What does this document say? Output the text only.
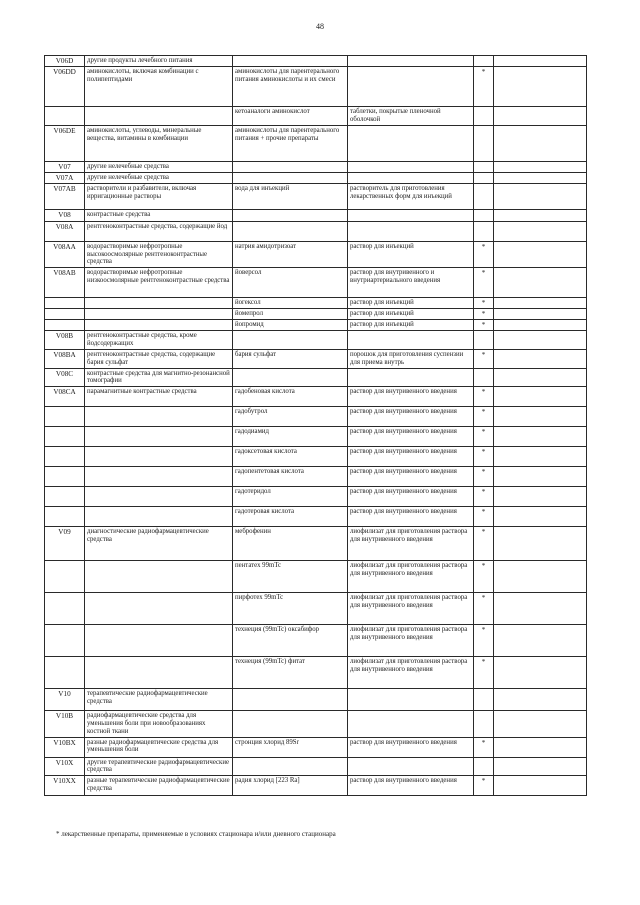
48
V06D	другие продукты лечебного питания				
V06DD	аминокислоты, включая комбинации с полипептидами	аминокислоты для парентерального питания аминокислоты и их смеси		*	
		кетоаналоги аминокислот	таблетки, покрытые пленочной оболочкой		
V06DE	аминокислоты, углеводы, минеральные вещества, витамины в комбинации	аминокислоты для парентерального питания + прочие препараты			
V07	другие нелечебные средства				
V07A	другие нелечебные средства				
V07AB	растворители и разбавители, включая ирригационные растворы	вода для инъекций	растворитель для приготовления лекарственных форм для инъекций		
V08	контрастные средства				
V08A	рентгеноконтрастные средства, содержащие йод				
V08AA	водорастворимые нефротропные высокоосмолярные рентгеноконтрастные средства	натрия амидотризоат	раствор для инъекций	*	
V08AB	водорастворимые нефротропные низкоосмолярные рентгеноконтрастные средства	йоверсол	раствор для внутривенного и внутриартериального введения	*	
		йогексол	раствор для инъекций	*	
		йомепрол	раствор для инъекций	*	
		йопромид	раствор для инъекций	*	
V08B	рентгеноконтрастные средства, кроме йодсодержащих				
V08BA	рентгеноконтрастные средства, содержащие бария сульфат	бария сульфат	порошок для приготовления суспензии для приема внутрь	*	
V08C	контрастные средства для магнитно-резонансной томографии				
V08CA	парамагнитные контрастные средства	гадобеновая кислота	раствор для внутривенного введения	*	
		гадобутрол	раствор для внутривенного введения	*	
		гадодиамид	раствор для внутривенного введения	*	
		гадоксетовая кислота	раствор для внутривенного введения	*	
		гадопентетовая кислота	раствор для внутривенного введения	*	
		гадотеридол	раствор для внутривенного введения	*	
		гадотеровая кислота	раствор для внутривенного введения	*	
V09	диагностические радиофармацевтические средства	меброфенин	лиофилизат для приготовления раствора для внутривенного введения	*	
		пентатех 99mTc	лиофилизат для приготовления раствора для внутривенного введения	*	
		пирфотех 99mTc	лиофилизат для приготовления раствора для внутривенного введения	*	
		технеция (99mTc) оксабифор	лиофилизат для приготовления раствора для внутривенного введения	*	
		технеция (99mTc) фитат	лиофилизат для приготовления раствора для внутривенного введения	*	
V10	терапевтические радиофармацевтические средства				
V10B	радиофармацевтические средства для уменьшения боли при новообразованиях костной ткани				
V10BX	разные радиофармацевтические средства для уменьшения боли	стронция хлорид 89Sr	раствор для внутривенного введения	*	
V10X	другие терапевтические радиофармацевтические средства				
V10XX	разные терапевтические радиофармацевтические средства	радия хлорид [223 Ra]	раствор для внутривенного введения	*	
* лекарственные препараты, применяемые в условиях стационара и/или дневного стационара
